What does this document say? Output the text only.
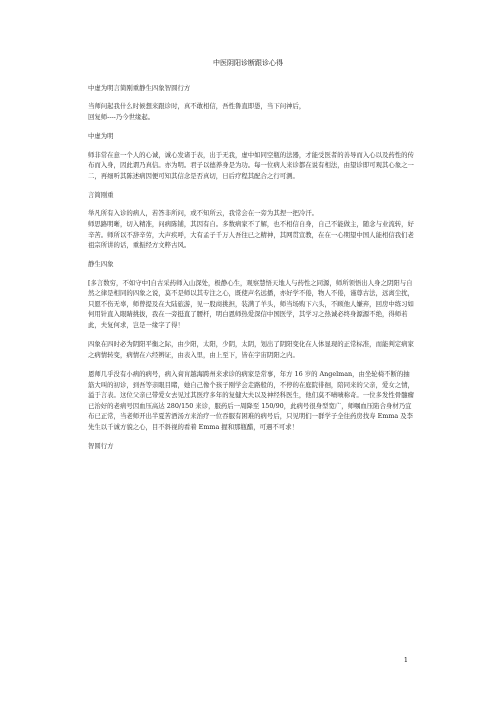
中医阴阳诊断跟诊心得

中虚为明言简刚重静生四象智圆行方

当师问起我什么时候想来跟诊时，真不敢相信，吾性鲁直即愚，当下问神后，
回复师----乃今世缘起。

中虚为明

师非常在意一个人的心诚，诚心发诸于表，出于无我，虚中如同空瓶的法器，才能受医者的善导而入心以及药性的传布而入身，因此谓乃真信。亦为明。君子以德养身是为功。每一位病人来诊都在说有相法，由望诊即可观其心象之一二，再细听其陈述病因便可知其信念是否真切，日后疗程其配合之行可测。

言简刚重

举凡所有入诊的病人，若答非所问，或不知所云，我常会在一旁为其捏一把冷汗。

师思路明晰，切入精准，问病陈铺，其因有自。多数病家不了解，也不相信自身，自己不能做主，随念与业流转，好辛苦。师所以不辞辛劳，大声疾呼，大有孟子千万人吾往已之精神，其网贯宣教，在在一心期望中国人能相信我们老祖宗所讲的话，重振经方文粹古风。

静生四象

[多言数穷，不如守中]自古采药师入山深处，极静心生，观察慧悟天地人与药性之同源，师所领悟出人身之阴阳与自然之律是相同的四象之说，莫不是师以其专注之心，既使声名远播，亦好学不倦，物人不倦，谨尊古法，远离尘扰，只愿不伤无辜，师曾提及在大陆旅游，见一股商挑担，装满了羊头，师当场购下六头，不顾他人嫌弃，回房中练习如何用针直入眼睛挑拔，我在一旁挺直了腰杆，明白恩师热爱深信中国医学，其学习之热诚必终身源源不绝，得师若此，夫复何求，岂是一缘字了得！

四象在四时必为阴阳平衡之际，由少阳，太阳，少阴，太阴，划出了阴阳变化在人体显现的正常标准，而能判定病家之病情转变，病情在六经辨证，由表入里，由上至下，皆在宇宙阴阳之内。

恩师几乎没有小病的病号，病入膏肓越海跨州来求诊的病家是常事，年方 16 岁的 Angelman，由坐轮椅不断的抽筋大叫的初诊，到吾等亲眼目睹，她自己像个孩子刚学会走路般的，不停的在庭院徘徊，陪同来的父亲，爱女之情，溢于言表。这位父亲已带爱女去见过其医疗多年的复健大夫以及神经科医生，他们莫不啧啧称奇。一位多发性骨髓瘤已治好的老病号因血压高达 280/150 来诊，服药后一周降至 150/90，此病号很身型宽广，师嘱血压陷合身材乃宜布已正常，当老师开出半夏苦酒汤方来治疗一位吞服有困难的病号后，只见明们一群学子全往药房找寿 Emma 及李先生以千诚方貌之心，目不斜视的看着 Emma 握和那瓶醋，可遇不可求！

智圆行方

1
